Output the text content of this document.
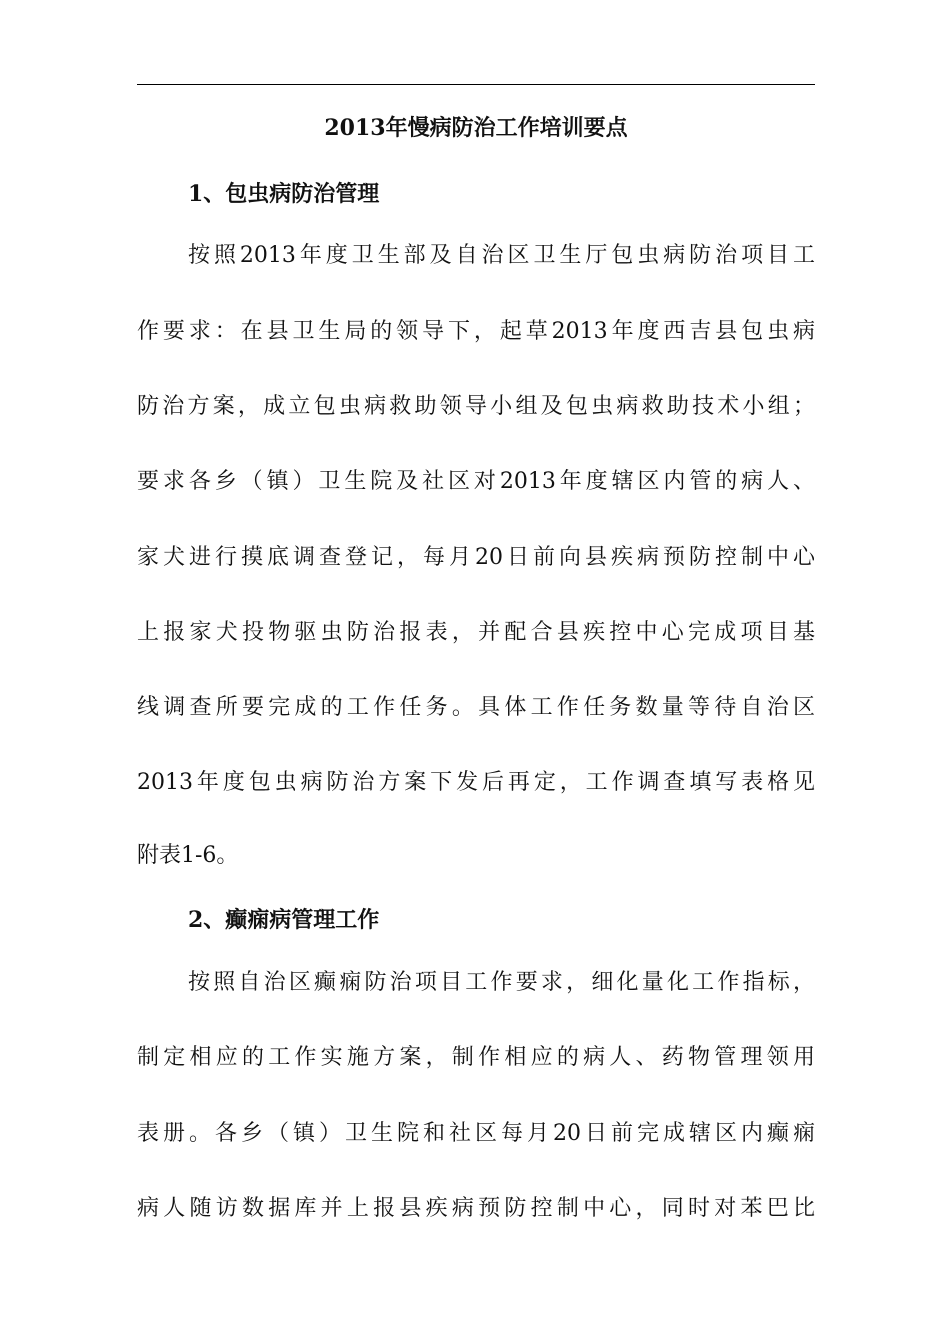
2013年慢病防治工作培训要点
1、包虫病防治管理
按照2013年度卫生部及自治区卫生厅包虫病防治项目工
作要求：在县卫生局的领导下，起草2013年度西吉县包虫病
防治方案，成立包虫病救助领导小组及包虫病救助技术小组；
要求各乡（镇）卫生院及社区对2013年度辖区内管的病人、
家犬进行摸底调查登记，每月20日前向县疾病预防控制中心
上报家犬投物驱虫防治报表，并配合县疾控中心完成项目基
线调查所要完成的工作任务。具体工作任务数量等待自治区
2013年度包虫病防治方案下发后再定，工作调查填写表格见
附表1-6。
2、癫痫病管理工作
按照自治区癫痫防治项目工作要求，细化量化工作指标，
制定相应的工作实施方案，制作相应的病人、药物管理领用
表册。各乡（镇）卫生院和社区每月20日前完成辖区内癫痫
病人随访数据库并上报县疾病预防控制中心，同时对苯巴比
